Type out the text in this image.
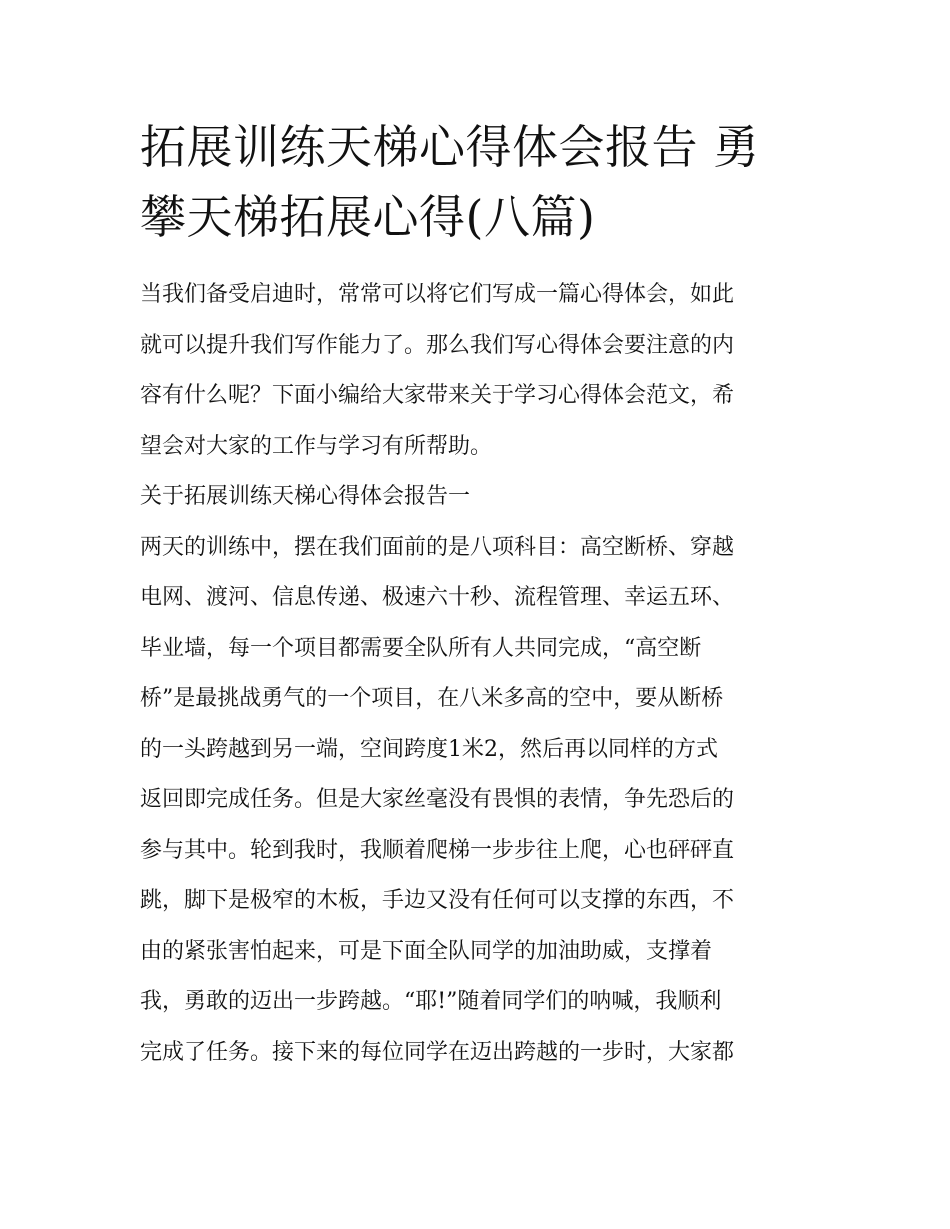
拓展训练天梯心得体会报告 勇
攀天梯拓展心得(八篇)
当我们备受启迪时，常常可以将它们写成一篇心得体会，如此
就可以提升我们写作能力了。那么我们写心得体会要注意的内
容有什么呢？下面小编给大家带来关于学习心得体会范文，希
望会对大家的工作与学习有所帮助。
关于拓展训练天梯心得体会报告一
两天的训练中，摆在我们面前的是八项科目：高空断桥、穿越
电网、渡河、信息传递、极速六十秒、流程管理、幸运五环、
毕业墙，每一个项目都需要全队所有人共同完成，“高空断
桥”是最挑战勇气的一个项目，在八米多高的空中，要从断桥
的一头跨越到另一端，空间跨度1米2，然后再以同样的方式
返回即完成任务。但是大家丝毫没有畏惧的表情，争先恐后的
参与其中。轮到我时，我顺着爬梯一步步往上爬，心也砰砰直
跳，脚下是极窄的木板，手边又没有任何可以支撑的东西，不
由的紧张害怕起来，可是下面全队同学的加油助威，支撑着
我，勇敢的迈出一步跨越。“耶!”随着同学们的呐喊，我顺利
完成了任务。接下来的每位同学在迈出跨越的一步时，大家都
